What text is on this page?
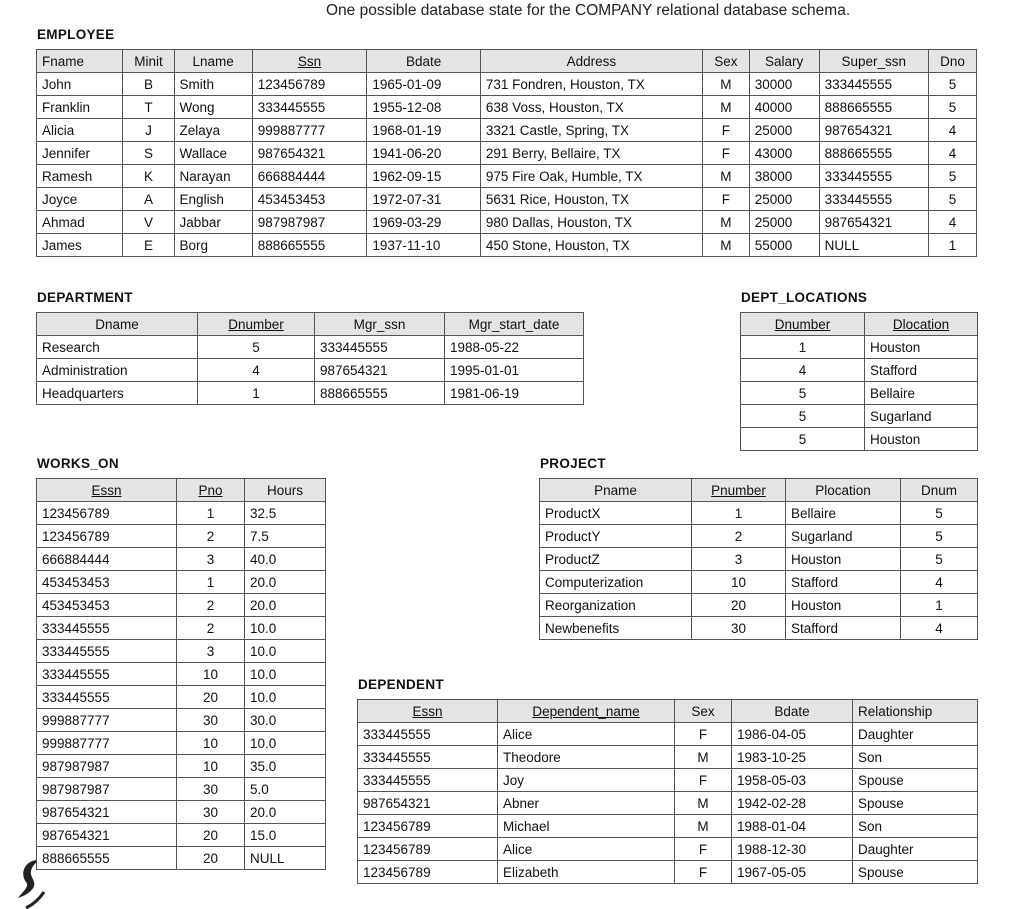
One possible database state for the COMPANY relational database schema.
EMPLOYEE
Fname	Minit	Lname	Ssn	Bdate	Address	Sex	Salary	Super_ssn	Dno
John	B	Smith	123456789	1965-01-09	731 Fondren, Houston, TX	M	30000	333445555	5
Franklin	T	Wong	333445555	1955-12-08	638 Voss, Houston, TX	M	40000	888665555	5
Alicia	J	Zelaya	999887777	1968-01-19	3321 Castle, Spring, TX	F	25000	987654321	4
Jennifer	S	Wallace	987654321	1941-06-20	291 Berry, Bellaire, TX	F	43000	888665555	4
Ramesh	K	Narayan	666884444	1962-09-15	975 Fire Oak, Humble, TX	M	38000	333445555	5
Joyce	A	English	453453453	1972-07-31	5631 Rice, Houston, TX	F	25000	333445555	5
Ahmad	V	Jabbar	987987987	1969-03-29	980 Dallas, Houston, TX	M	25000	987654321	4
James	E	Borg	888665555	1937-11-10	450 Stone, Houston, TX	M	55000	NULL	1
DEPARTMENT
Dname	Dnumber	Mgr_ssn	Mgr_start_date
Research	5	333445555	1988-05-22
Administration	4	987654321	1995-01-01
Headquarters	1	888665555	1981-06-19
DEPT_LOCATIONS
Dnumber	Dlocation
1	Houston
4	Stafford
5	Bellaire
5	Sugarland
5	Houston
WORKS_ON
Essn	Pno	Hours
123456789	1	32.5
123456789	2	7.5
666884444	3	40.0
453453453	1	20.0
453453453	2	20.0
333445555	2	10.0
333445555	3	10.0
333445555	10	10.0
333445555	20	10.0
999887777	30	30.0
999887777	10	10.0
987987987	10	35.0
987987987	30	5.0
987654321	30	20.0
987654321	20	15.0
888665555	20	NULL
PROJECT
Pname	Pnumber	Plocation	Dnum
ProductX	1	Bellaire	5
ProductY	2	Sugarland	5
ProductZ	3	Houston	5
Computerization	10	Stafford	4
Reorganization	20	Houston	1
Newbenefits	30	Stafford	4
DEPENDENT
Essn	Dependent_name	Sex	Bdate	Relationship
333445555	Alice	F	1986-04-05	Daughter
333445555	Theodore	M	1983-10-25	Son
333445555	Joy	F	1958-05-03	Spouse
987654321	Abner	M	1942-02-28	Spouse
123456789	Michael	M	1988-01-04	Son
123456789	Alice	F	1988-12-30	Daughter
123456789	Elizabeth	F	1967-05-05	Spouse
